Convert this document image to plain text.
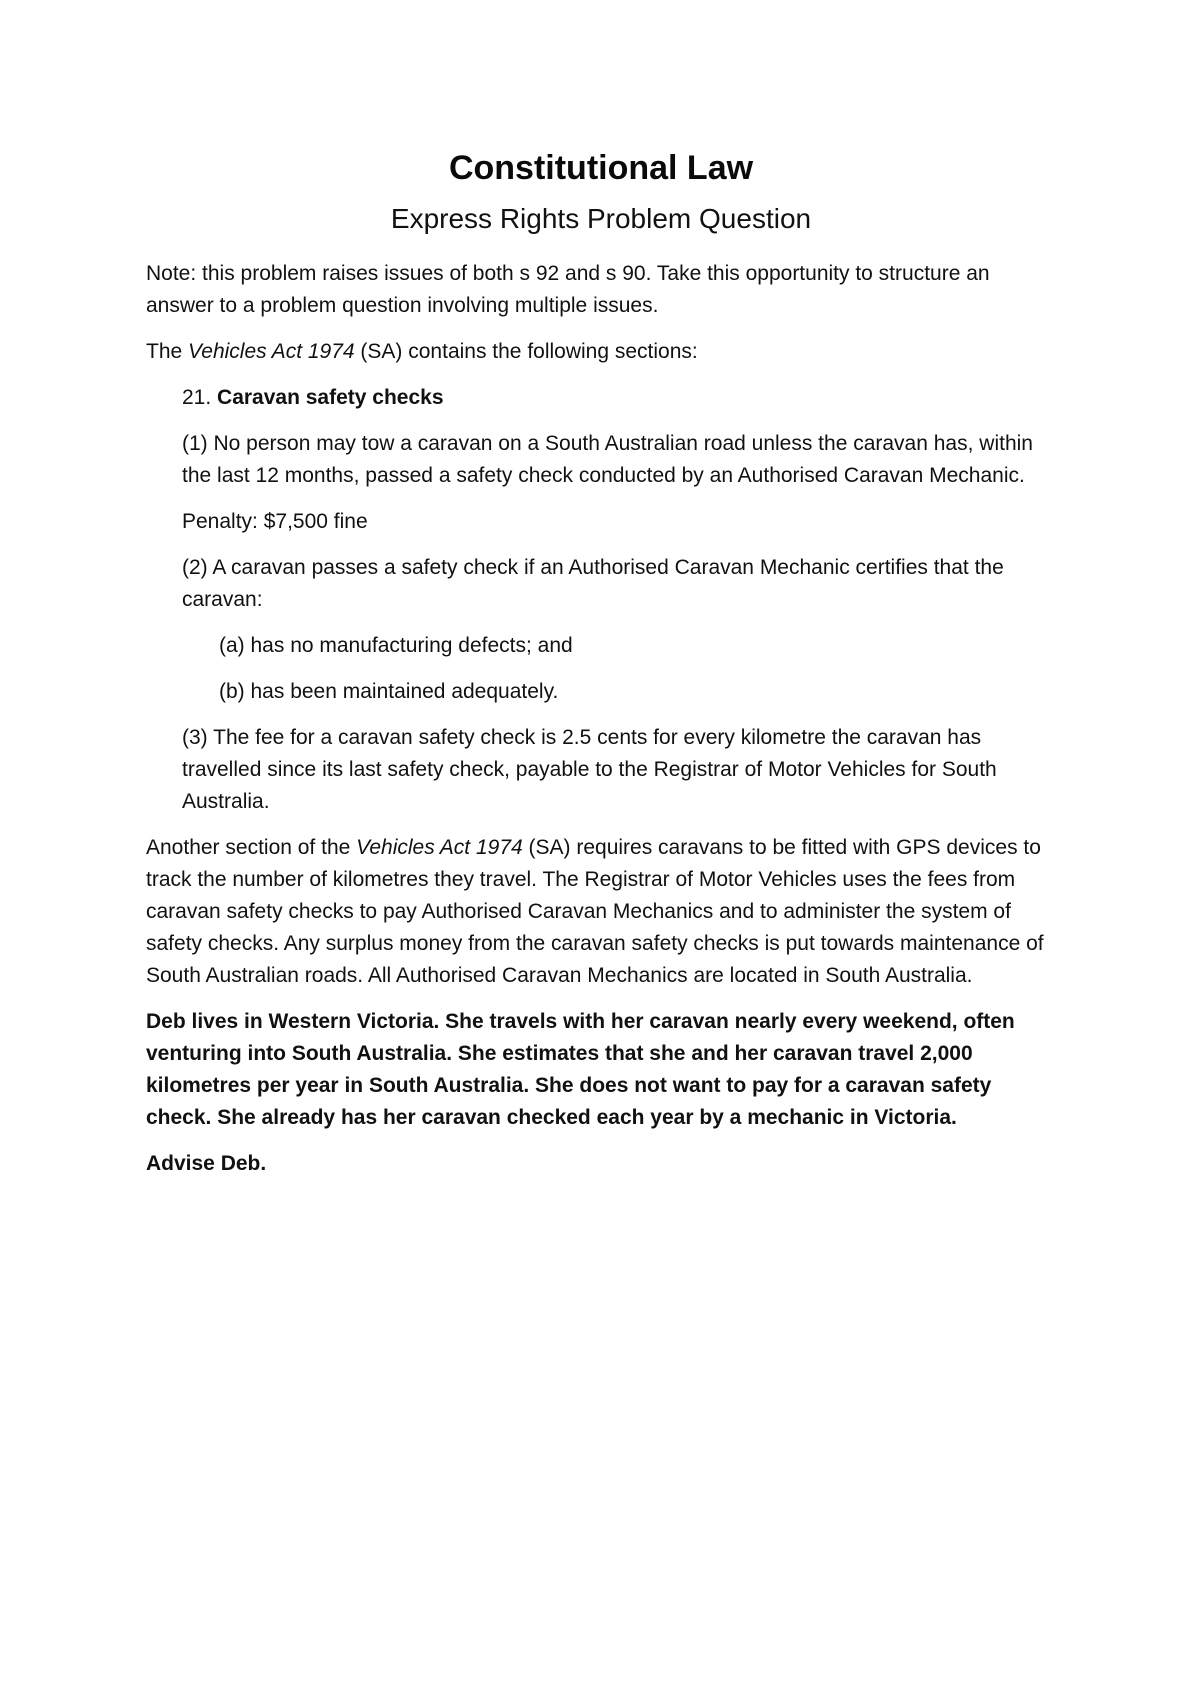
Constitutional Law
Express Rights Problem Question

Note: this problem raises issues of both s 92 and s 90. Take this opportunity to structure an answer to a problem question involving multiple issues.

The Vehicles Act 1974 (SA) contains the following sections:

21. Caravan safety checks

(1) No person may tow a caravan on a South Australian road unless the caravan has, within the last 12 months, passed a safety check conducted by an Authorised Caravan Mechanic.

Penalty: $7,500 fine

(2) A caravan passes a safety check if an Authorised Caravan Mechanic certifies that the caravan:

(a) has no manufacturing defects; and

(b) has been maintained adequately.

(3) The fee for a caravan safety check is 2.5 cents for every kilometre the caravan has travelled since its last safety check, payable to the Registrar of Motor Vehicles for South Australia.

Another section of the Vehicles Act 1974 (SA) requires caravans to be fitted with GPS devices to track the number of kilometres they travel. The Registrar of Motor Vehicles uses the fees from caravan safety checks to pay Authorised Caravan Mechanics and to administer the system of safety checks. Any surplus money from the caravan safety checks is put towards maintenance of South Australian roads. All Authorised Caravan Mechanics are located in South Australia.

Deb lives in Western Victoria. She travels with her caravan nearly every weekend, often venturing into South Australia. She estimates that she and her caravan travel 2,000 kilometres per year in South Australia. She does not want to pay for a caravan safety check. She already has her caravan checked each year by a mechanic in Victoria.

Advise Deb.
